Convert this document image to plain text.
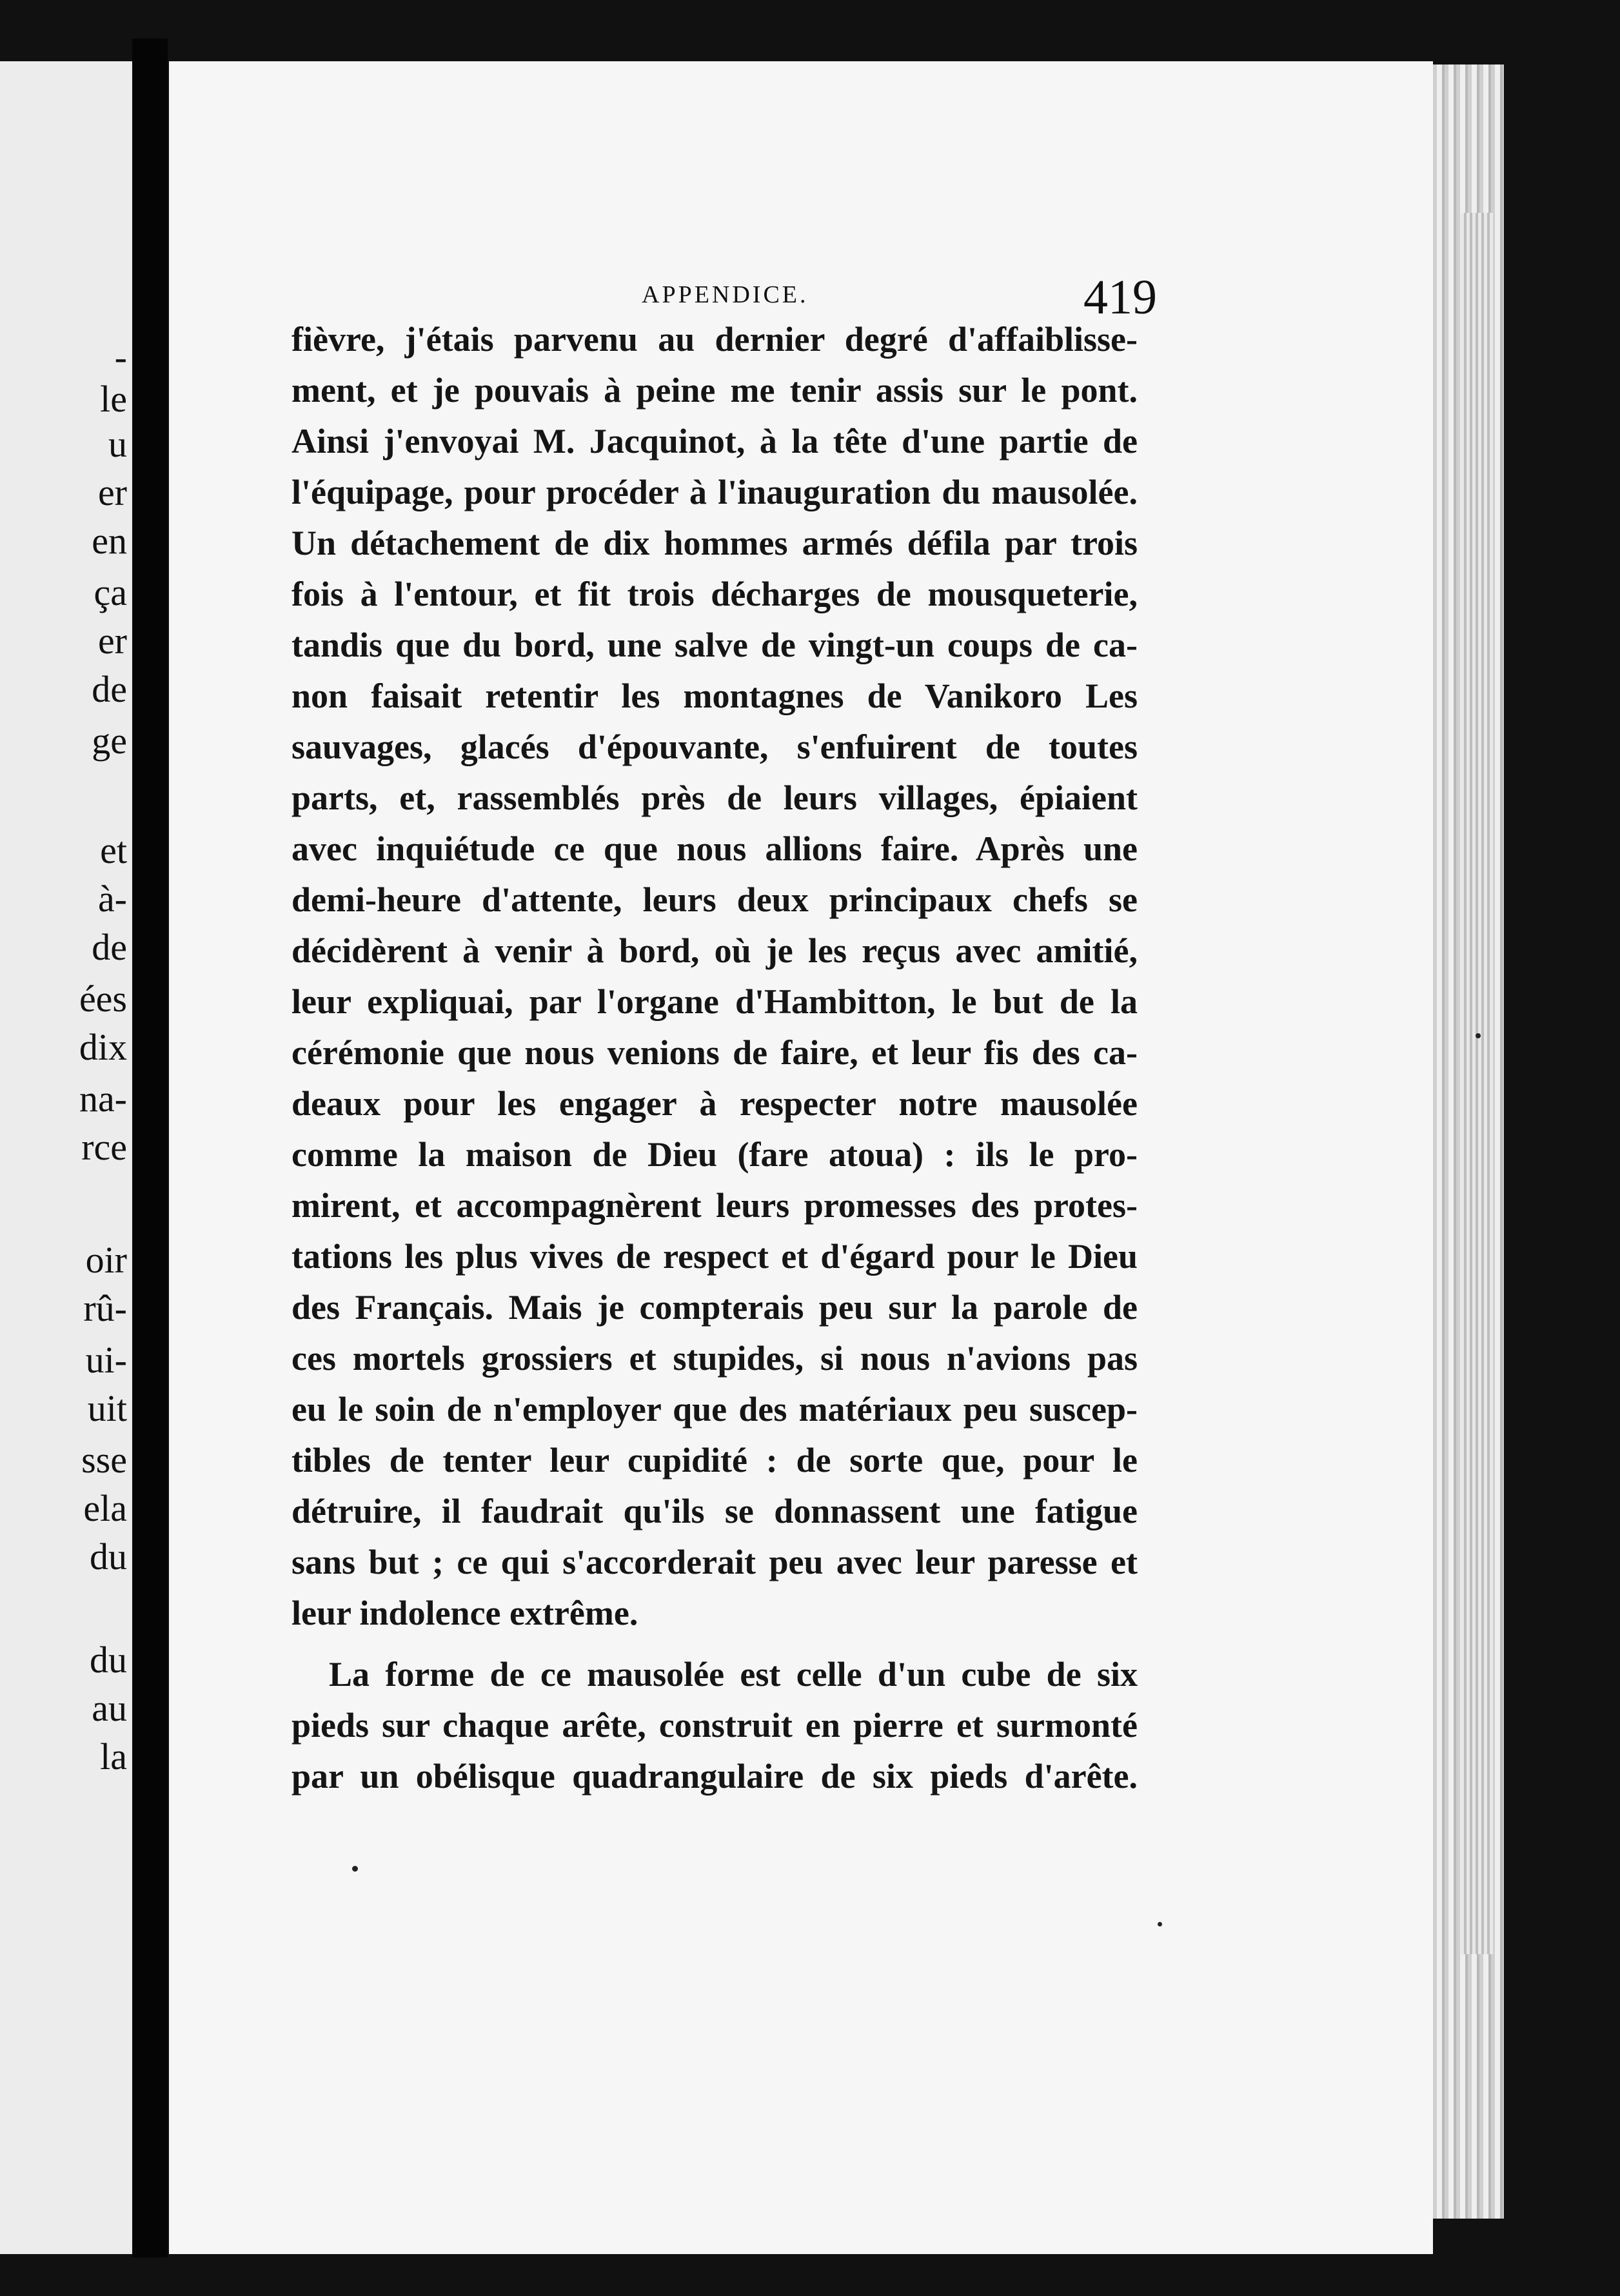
-
le
u
er
en
ça
er
de
ge
et
à-
de
ées
dix
na-
rce
oir
rû-
ui-
uit
sse
ela
du
du
au
la
APPENDICE.	419
fièvre, j'étais parvenu au dernier degré d'affaiblisse-
ment, et je pouvais à peine me tenir assis sur le pont.
Ainsi j'envoyai M. Jacquinot, à la tête d'une partie de
l'équipage, pour procéder à l'inauguration du mausolée.
Un détachement de dix hommes armés défila par trois
fois à l'entour, et fit trois décharges de mousqueterie,
tandis que du bord, une salve de vingt-un coups de ca-
non faisait retentir les montagnes de Vanikoro Les
sauvages, glacés d'épouvante, s'enfuirent de toutes
parts, et, rassemblés près de leurs villages, épiaient
avec inquiétude ce que nous allions faire. Après une
demi-heure d'attente, leurs deux principaux chefs se
décidèrent à venir à bord, où je les reçus avec amitié,
leur expliquai, par l'organe d'Hambitton, le but de la
cérémonie que nous venions de faire, et leur fis des ca-
deaux pour les engager à respecter notre mausolée
comme la maison de Dieu (fare atoua) : ils le pro-
mirent, et accompagnèrent leurs promesses des protes-
tations les plus vives de respect et d'égard pour le Dieu
des Français. Mais je compterais peu sur la parole de
ces mortels grossiers et stupides, si nous n'avions pas
eu le soin de n'employer que des matériaux peu suscep-
tibles de tenter leur cupidité : de sorte que, pour le
détruire, il faudrait qu'ils se donnassent une fatigue
sans but ; ce qui s'accorderait peu avec leur paresse et
leur indolence extrême.
La forme de ce mausolée est celle d'un cube de six
pieds sur chaque arête, construit en pierre et surmonté
par un obélisque quadrangulaire de six pieds d'arête.
